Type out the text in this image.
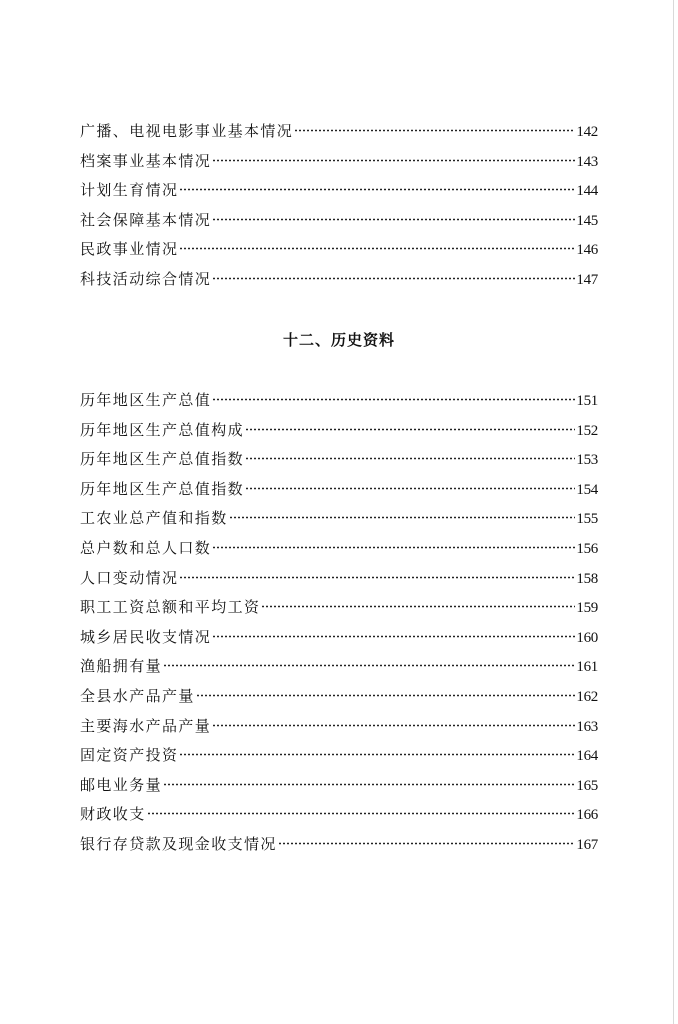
广播、电视电影事业基本情况	142
档案事业基本情况	143
计划生育情况	144
社会保障基本情况	145
民政事业情况	146
科技活动综合情况	147
十二、历史资料
历年地区生产总值	151
历年地区生产总值构成	152
历年地区生产总值指数	153
历年地区生产总值指数	154
工农业总产值和指数	155
总户数和总人口数	156
人口变动情况	158
职工工资总额和平均工资	159
城乡居民收支情况	160
渔船拥有量	161
全县水产品产量	162
主要海水产品产量	163
固定资产投资	164
邮电业务量	165
财政收支	166
银行存贷款及现金收支情况	167
